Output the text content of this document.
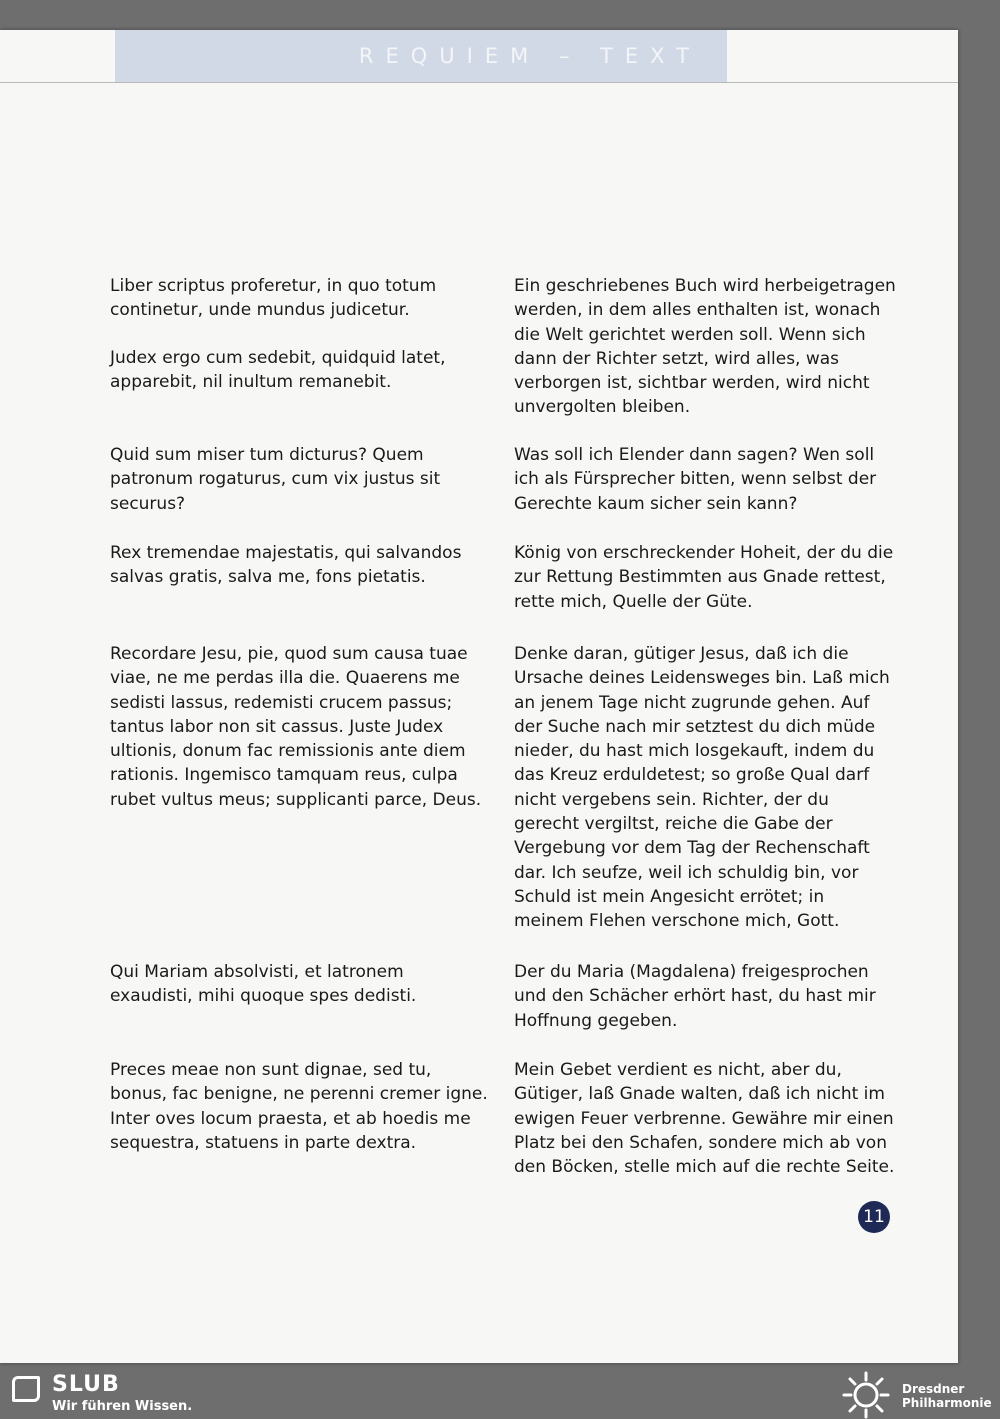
REQUIEM – TEXT

Liber scriptus proferetur, in quo totum continetur, unde mundus judicetur.

Judex ergo cum sedebit, quidquid latet, apparebit, nil inultum remanebit.

Quid sum miser tum dicturus? Quem patronum rogaturus, cum vix justus sit securus?

Rex tremendae majestatis, qui salvandos salvas gratis, salva me, fons pietatis.

Recordare Jesu, pie, quod sum causa tuae viae, ne me perdas illa die. Quaerens me sedisti lassus, redemisti crucem passus; tantus labor non sit cassus. Juste Judex ultionis, donum fac remissionis ante diem rationis. Ingemisco tamquam reus, culpa rubet vultus meus; supplicanti parce, Deus.

Qui Mariam absolvisti, et latronem exaudisti, mihi quoque spes dedisti.

Preces meae non sunt dignae, sed tu, bonus, fac benigne, ne perenni cremer igne. Inter oves locum praesta, et ab hoedis me sequestra, statuens in parte dextra.

Ein geschriebenes Buch wird herbeigetragen werden, in dem alles enthalten ist, wonach die Welt gerichtet werden soll. Wenn sich dann der Richter setzt, wird alles, was verborgen ist, sichtbar werden, wird nicht unvergolten bleiben.

Was soll ich Elender dann sagen? Wen soll ich als Fürsprecher bitten, wenn selbst der Gerechte kaum sicher sein kann?

König von erschreckender Hoheit, der du die zur Rettung Bestimmten aus Gnade rettest, rette mich, Quelle der Güte.

Denke daran, gütiger Jesus, daß ich die Ursache deines Leidensweges bin. Laß mich an jenem Tage nicht zugrunde gehen. Auf der Suche nach mir setztest du dich müde nieder, du hast mich losgekauft, indem du das Kreuz erduldetest; so große Qual darf nicht vergebens sein. Richter, der du gerecht vergiltst, reiche die Gabe der Vergebung vor dem Tag der Rechenschaft dar. Ich seufze, weil ich schuldig bin, vor Schuld ist mein Angesicht errötet; in meinem Flehen verschone mich, Gott.

Der du Maria (Magdalena) freigesprochen und den Schächer erhört hast, du hast mir Hoffnung gegeben.

Mein Gebet verdient es nicht, aber du, Gütiger, laß Gnade walten, daß ich nicht im ewigen Feuer verbrenne. Gewähre mir einen Platz bei den Schafen, sondere mich ab von den Böcken, stelle mich auf die rechte Seite.

11
SLUB
Wir führen Wissen.
Dresdner Philharmonie
